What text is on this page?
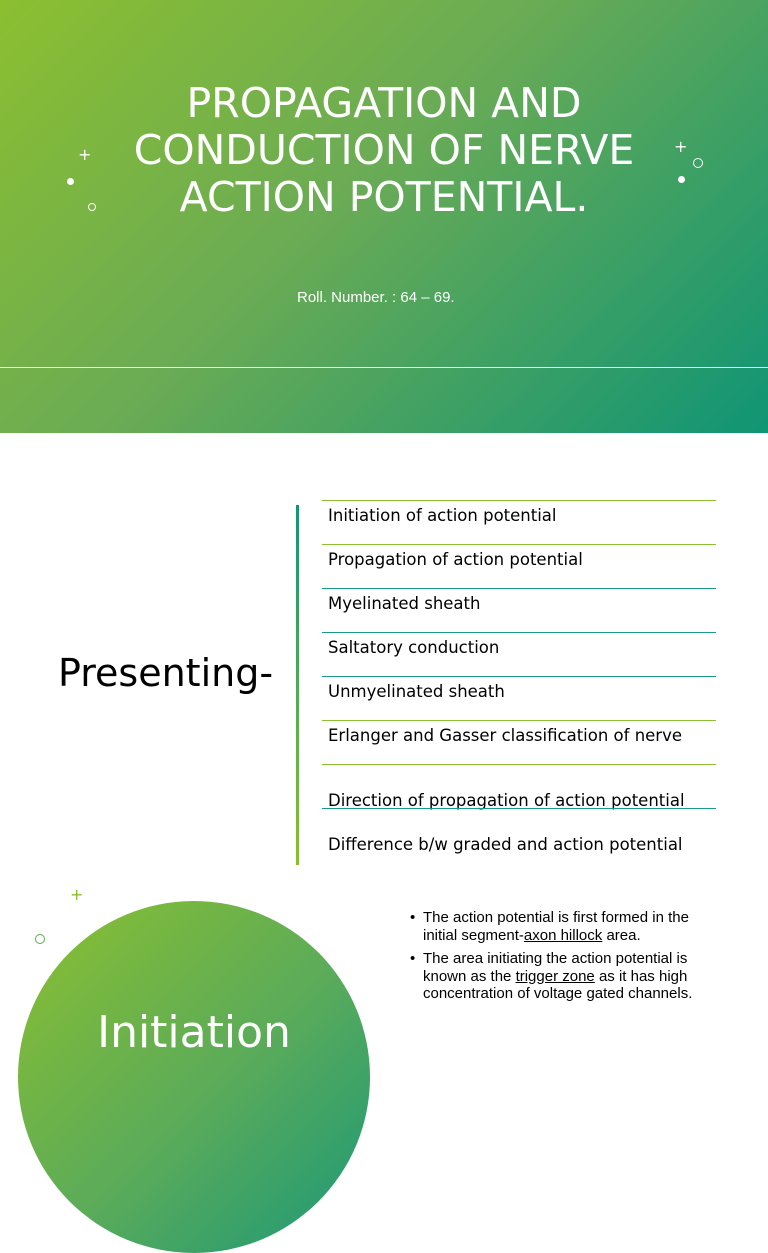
PROPAGATION AND CONDUCTION OF NERVE ACTION POTENTIAL.
Roll. Number. : 64 – 69.
+	+
Presenting-
Initiation of action potential
Propagation of action potential
Myelinated sheath
Saltatory conduction
Unmyelinated sheath
Erlanger and Gasser classification of nerve
Direction of propagation of action potential
Difference b/w graded and action potential
+
Initiation
• The action potential is first formed in the initial segment-axon hillock area.
• The area initiating the action potential is known as the trigger zone as it has high concentration of voltage gated channels.
